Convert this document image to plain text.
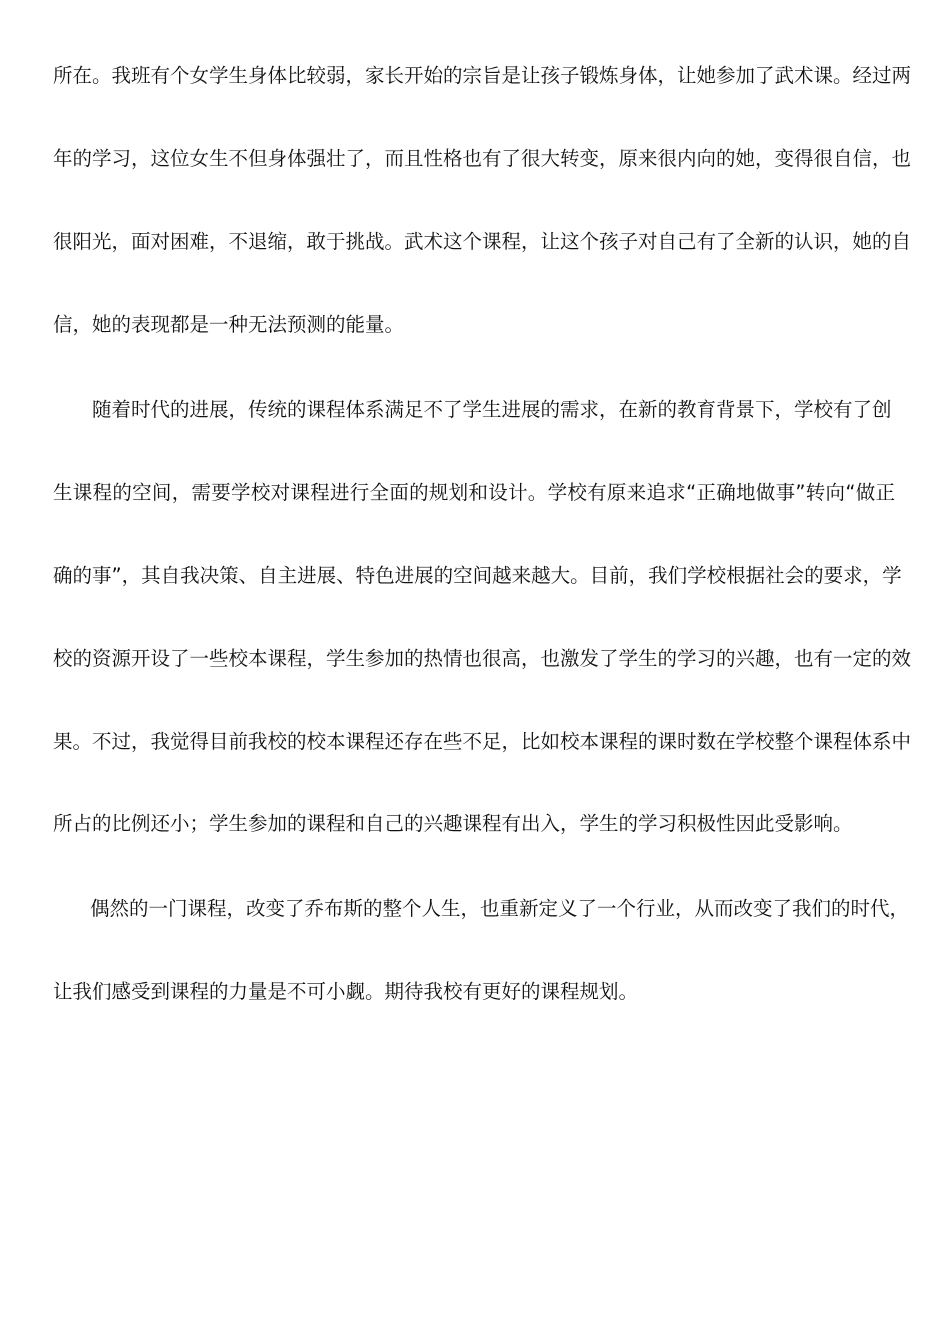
所在。我班有个女学生身体比较弱，家长开始的宗旨是让孩子锻炼身体，让她参加了武术课。经过两

年的学习，这位女生不但身体强壮了，而且性格也有了很大转变，原来很内向的她，变得很自信，也

很阳光，面对困难，不退缩，敢于挑战。武术这个课程，让这个孩子对自己有了全新的认识，她的自

信，她的表现都是一种无法预测的能量。

随着时代的进展，传统的课程体系满足不了学生进展的需求，在新的教育背景下，学校有了创

生课程的空间，需要学校对课程进行全面的规划和设计。学校有原来追求“正确地做事”转向“做正

确的事”，其自我决策、自主进展、特色进展的空间越来越大。目前，我们学校根据社会的要求，学

校的资源开设了一些校本课程，学生参加的热情也很高，也激发了学生的学习的兴趣，也有一定的效

果。不过，我觉得目前我校的校本课程还存在些不足，比如校本课程的课时数在学校整个课程体系中

所占的比例还小；学生参加的课程和自己的兴趣课程有出入，学生的学习积极性因此受影响。

偶然的一门课程，改变了乔布斯的整个人生，也重新定义了一个行业，从而改变了我们的时代，

让我们感受到课程的力量是不可小觑。期待我校有更好的课程规划。
